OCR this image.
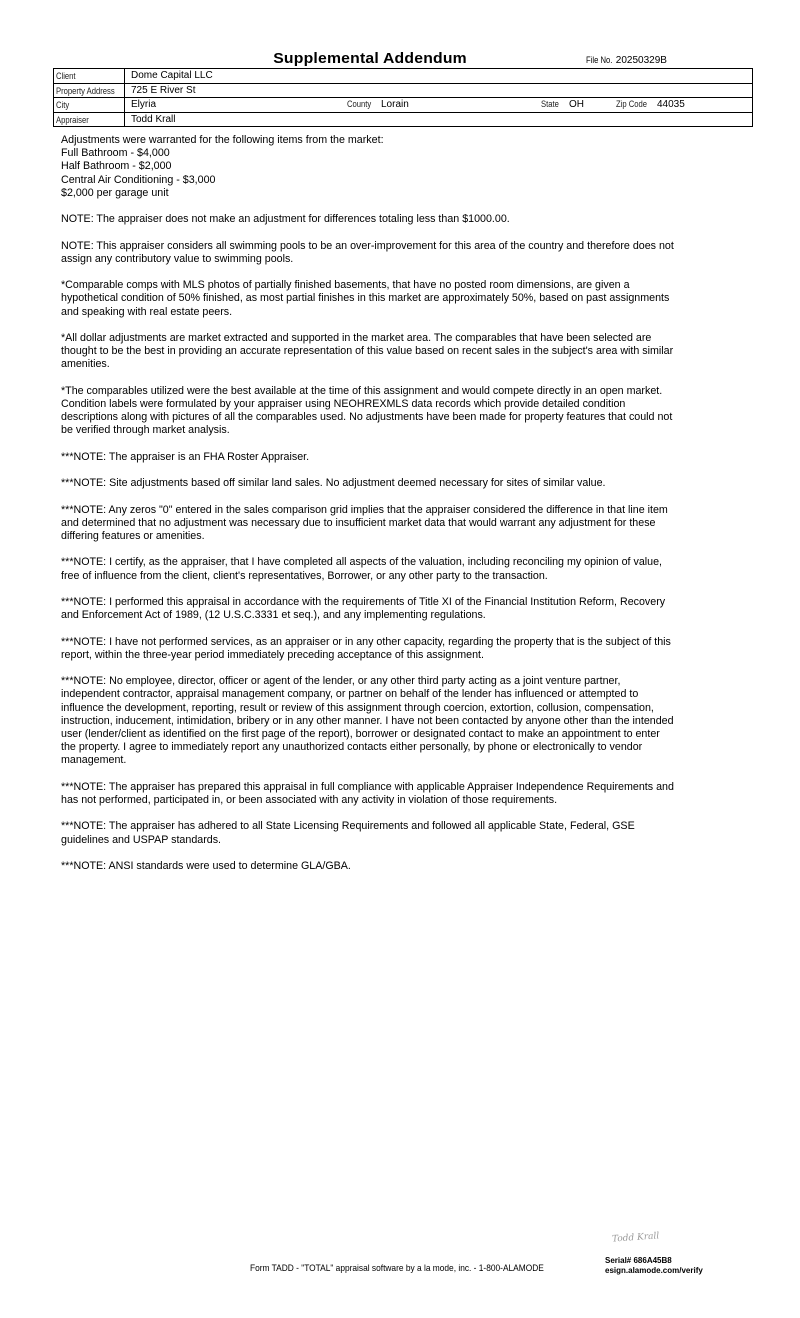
Supplemental Addendum	File No. 20250329B
Client	Dome Capital LLC
Property Address	725 E River St
City	Elyria	County Lorain	State	OH	Zip Code 44035
Appraiser	Todd Krall

Adjustments were warranted for the following items from the market:
Full Bathroom - $4,000
Half Bathroom - $2,000
Central Air Conditioning - $3,000
$2,000 per garage unit

NOTE: The appraiser does not make an adjustment for differences totaling less than $1000.00.

NOTE: This appraiser considers all swimming pools to be an over-improvement for this area of the country and therefore does not assign any contributory value to swimming pools.

*Comparable comps with MLS photos of partially finished basements, that have no posted room dimensions, are given a hypothetical condition of 50% finished, as most partial finishes in this market are approximately 50%, based on past assignments and speaking with real estate peers.

*All dollar adjustments are market extracted and supported in the market area. The comparables that have been selected are thought to be the best in providing an accurate representation of this value based on recent sales in the subject's area with similar amenities.

*The comparables utilized were the best available at the time of this assignment and would compete directly in an open market. Condition labels were formulated by your appraiser using NEOHREXMLS data records which provide detailed condition descriptions along with pictures of all the comparables used. No adjustments have been made for property features that could not be verified through market analysis.

***NOTE: The appraiser is an FHA Roster Appraiser.

***NOTE: Site adjustments based off similar land sales. No adjustment deemed necessary for sites of similar value.

***NOTE: Any zeros "0" entered in the sales comparison grid implies that the appraiser considered the difference in that line item and determined that no adjustment was necessary due to insufficient market data that would warrant any adjustment for these differing features or amenities.

***NOTE: I certify, as the appraiser, that I have completed all aspects of the valuation, including reconciling my opinion of value, free of influence from the client, client's representatives, Borrower, or any other party to the transaction.

***NOTE: I performed this appraisal in accordance with the requirements of Title XI of the Financial Institution Reform, Recovery and Enforcement Act of 1989, (12 U.S.C.3331 et seq.), and any implementing regulations.

***NOTE: I have not performed services, as an appraiser or in any other capacity, regarding the property that is the subject of this report, within the three-year period immediately preceding acceptance of this assignment.

***NOTE: No employee, director, officer or agent of the lender, or any other third party acting as a joint venture partner, independent contractor, appraisal management company, or partner on behalf of the lender has influenced or attempted to influence the development, reporting, result or review of this assignment through coercion, extortion, collusion, compensation, instruction, inducement, intimidation, bribery or in any other manner. I have not been contacted by anyone other than the intended user (lender/client as identified on the first page of the report), borrower or designated contact to make an appointment to enter the property. I agree to immediately report any unauthorized contacts either personally, by phone or electronically to vendor management.

***NOTE: The appraiser has prepared this appraisal in full compliance with applicable Appraiser Independence Requirements and has not performed, participated in, or been associated with any activity in violation of those requirements.

***NOTE: The appraiser has adhered to all State Licensing Requirements and followed all applicable State, Federal, GSE guidelines and USPAP standards.

***NOTE: ANSI standards were used to determine GLA/GBA.

Todd Krall
Serial# 686A45B8
esign.alamode.com/verify
Form TADD - "TOTAL" appraisal software by a la mode, inc. - 1-800-ALAMODE
